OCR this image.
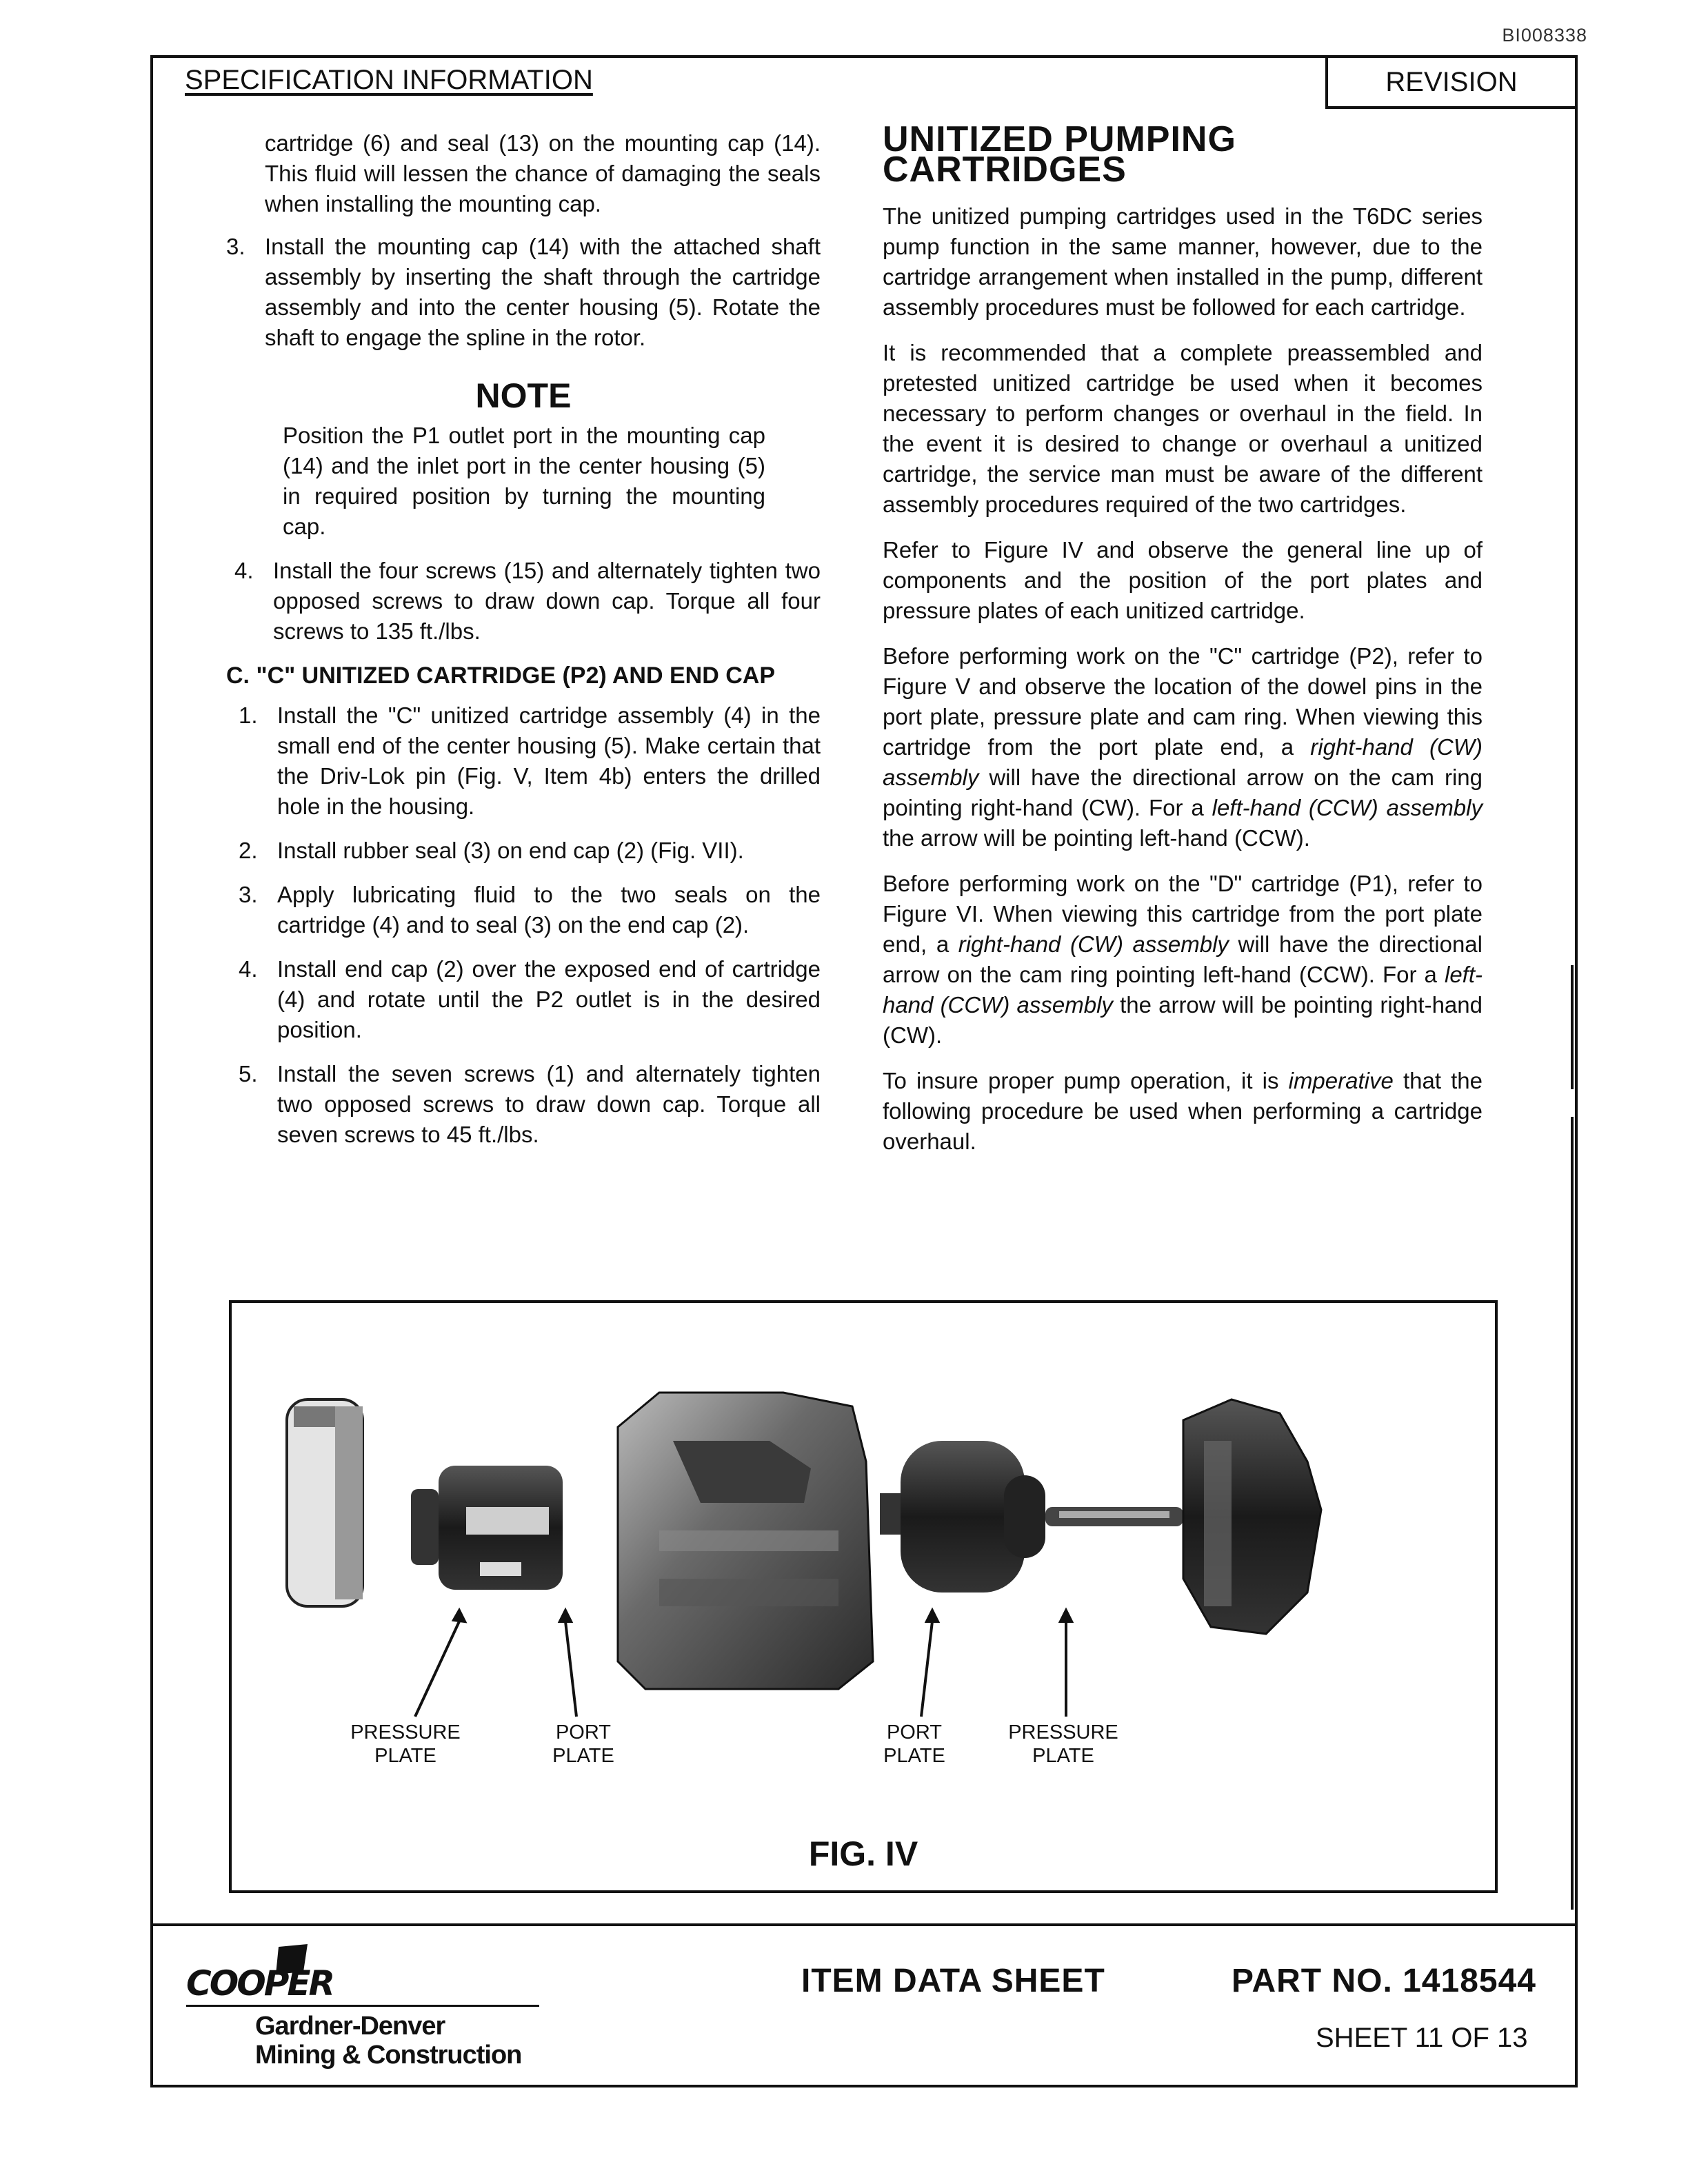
BI008338
SPECIFICATION INFORMATION	REVISION

cartridge (6) and seal (13) on the mounting cap (14). This fluid will lessen the chance of damaging the seals when installing the mounting cap.

3. Install the mounting cap (14) with the attached shaft assembly by inserting the shaft through the cartridge assembly and into the center housing (5). Rotate the shaft to engage the spline in the rotor.
NOTE
Position the P1 outlet port in the mounting cap (14) and the inlet port in the center housing (5) in required position by turning the mounting cap.
4. Install the four screws (15) and alternately tighten two opposed screws to draw down cap. Torque all four screws to 135 ft./lbs.
C. "C" UNITIZED CARTRIDGE (P2) AND END CAP
1. Install the "C" unitized cartridge assembly (4) in the small end of the center housing (5). Make certain that the Driv-Lok pin (Fig. V, Item 4b) enters the drilled hole in the housing.
2. Install rubber seal (3) on end cap (2) (Fig. VII).
3. Apply lubricating fluid to the two seals on the cartridge (4) and to seal (3) on the end cap (2).
4. Install end cap (2) over the exposed end of cartridge (4) and rotate until the P2 outlet is in the desired position.
5. Install the seven screws (1) and alternately tighten two opposed screws to draw down cap. Torque all seven screws to 45 ft./lbs.
UNITIZED PUMPING CARTRIDGES

The unitized pumping cartridges used in the T6DC series pump function in the same manner, however, due to the cartridge arrangement when installed in the pump, different assembly procedures must be followed for each cartridge.

It is recommended that a complete preassembled and pretested unitized cartridge be used when it becomes necessary to perform changes or overhaul in the field. In the event it is desired to change or overhaul a unitized cartridge, the service man must be aware of the different assembly procedures required of the two cartridges.

Refer to Figure IV and observe the general line up of components and the position of the port plates and pressure plates of each unitized cartridge.

Before performing work on the "C" cartridge (P2), refer to Figure V and observe the location of the dowel pins in the port plate, pressure plate and cam ring. When viewing this cartridge from the port plate end, a right-hand (CW) assembly will have the directional arrow on the cam ring pointing right-hand (CW). For a left-hand (CCW) assembly the arrow will be pointing left-hand (CCW).

Before performing work on the "D" cartridge (P1), refer to Figure VI. When viewing this cartridge from the port plate end, a right-hand (CW) assembly will have the directional arrow on the cam ring pointing left-hand (CCW). For a left-hand (CCW) assembly the arrow will be pointing right-hand (CW).

To insure proper pump operation, it is imperative that the following procedure be used when performing a cartridge overhaul.

PRESSURE
PLATE
PORT
PLATE
PORT
PLATE
PRESSURE
PLATE
FIG. IV
COOPER
Gardner-Denver
Mining & Construction
ITEM DATA SHEET	PART NO. 1418544
SHEET 11 OF 13
